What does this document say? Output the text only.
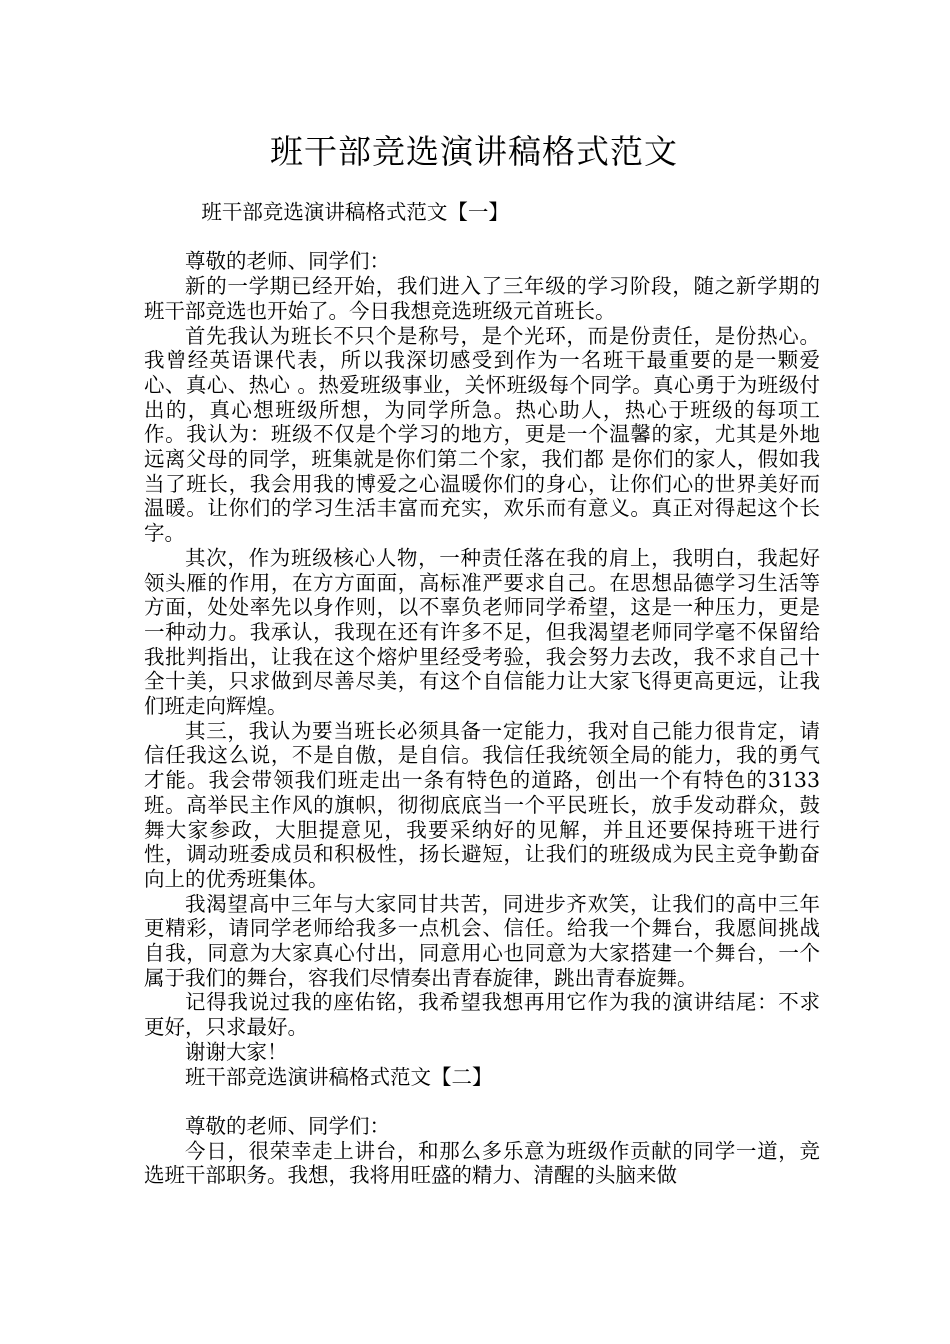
班干部竞选演讲稿格式范文

班干部竞选演讲稿格式范文【一】

尊敬的老师、同学们：

新的一学期已经开始，我们进入了三年级的学习阶段，随之新学期的班干部竞选也开始了。今日我想竞选班级元首班长。

首先我认为班长不只个是称号，是个光环，而是份责任，是份热心。我曾经英语课代表，所以我深切感受到作为一名班干最重要的是一颗爱心、真心、热心 。热爱班级事业，关怀班级每个同学。真心勇于为班级付出的，真心想班级所想，为同学所急。热心助人，热心于班级的每项工作。我认为：班级不仅是个学习的地方，更是一个温馨的家，尤其是外地远离父母的同学，班集就是你们第二个家，我们都 是你们的家人，假如我当了班长，我会用我的博爱之心温暖你们的身心，让你们心的世界美好而温暖。让你们的学习生活丰富而充实，欢乐而有意义。真正对得起这个长字。

其次，作为班级核心人物，一种责任落在我的肩上，我明白，我起好领头雁的作用，在方方面面，高标准严要求自己。在思想品德学习生活等方面，处处率先以身作则，以不辜负老师同学希望，这是一种压力，更是一种动力。我承认，我现在还有许多不足，但我渴望老师同学毫不保留给我批判指出，让我在这个熔炉里经受考验，我会努力去改，我不求自己十全十美，只求做到尽善尽美，有这个自信能力让大家飞得更高更远，让我们班走向辉煌。

其三，我认为要当班长必须具备一定能力，我对自己能力很肯定，请信任我这么说，不是自傲，是自信。我信任我统领全局的能力，我的勇气才能。我会带领我们班走出一条有特色的道路，创出一个有特色的3133班。高举民主作风的旗帜，彻彻底底当一个平民班长，放手发动群众，鼓舞大家参政，大胆提意见，我要采纳好的见解，并且还要保持班干进行性，调动班委成员和积极性，扬长避短，让我们的班级成为民主竞争勤奋向上的优秀班集体。

我渴望高中三年与大家同甘共苦，同进步齐欢笑，让我们的高中三年更精彩，请同学老师给我多一点机会、信任。给我一个舞台，我愿间挑战自我，同意为大家真心付出，同意用心也同意为大家搭建一个舞台，一个属于我们的舞台，容我们尽情奏出青春旋律，跳出青春旋舞。

记得我说过我的座佑铭，我希望我想再用它作为我的演讲结尾：不求更好，只求最好。

谢谢大家！

班干部竞选演讲稿格式范文【二】

尊敬的老师、同学们：

今日，很荣幸走上讲台，和那么多乐意为班级作贡献的同学一道，竞选班干部职务。我想，我将用旺盛的精力、清醒的头脑来做
